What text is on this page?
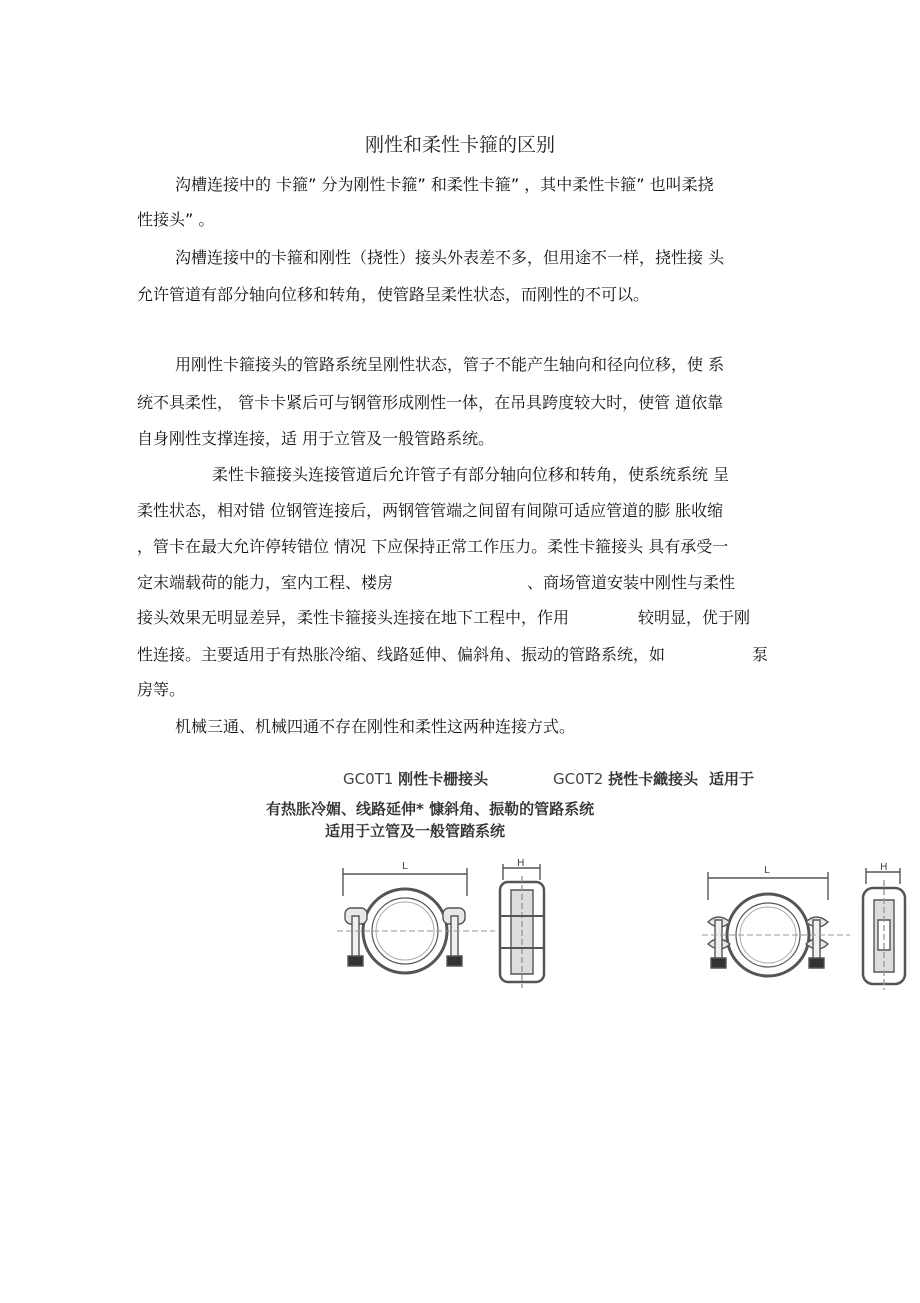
刚性和柔性卡箍的区别
沟槽连接中的 卡箍” 分为刚性卡箍” 和柔性卡箍” ，其中柔性卡箍” 也叫柔挠
性接头” 。
沟槽连接中的卡箍和刚性（挠性）接头外表差不多，但用途不一样，挠性接 头
允许管道有部分轴向位移和转角，使管路呈柔性状态，而刚性的不可以。
用刚性卡箍接头的管路系统呈刚性状态，管子不能产生轴向和径向位移，使 系
统不具柔性， 管卡卡紧后可与钢管形成刚性一体，在吊具跨度较大时，使管 道依靠
自身刚性支撑连接，适 用于立管及一般管路系统。
柔性卡箍接头连接管道后允许管子有部分轴向位移和转角，使系统系统 呈
柔性状态，相对错 位钢管连接后，两钢管管端之间留有间隙可适应管道的膨 胀收缩
，管卡在最大允许停转错位 情况 下应保持正常工作压力。柔性卡箍接头 具有承受一
定末端载荷的能力，室内工程、楼房	、商场管道安装中刚性与柔性
接头效果无明显差异，柔性卡箍接头连接在地下工程中，作用	较明显，优于刚
性连接。主要适用于有热胀冷缩、线路延伸、偏斜角、振动的管路系统，如	泵
房等。
机械三通、机械四通不存在刚性和柔性这两种连接方式。
GC0T1 刚性卡栅接头	GC0T2 挠性卡織接头 适用于
有热胀冷媚、线路延伸* 慷斜角、振勒的管路系统
适用于立管及一般管踏系统
L	H
L	H
